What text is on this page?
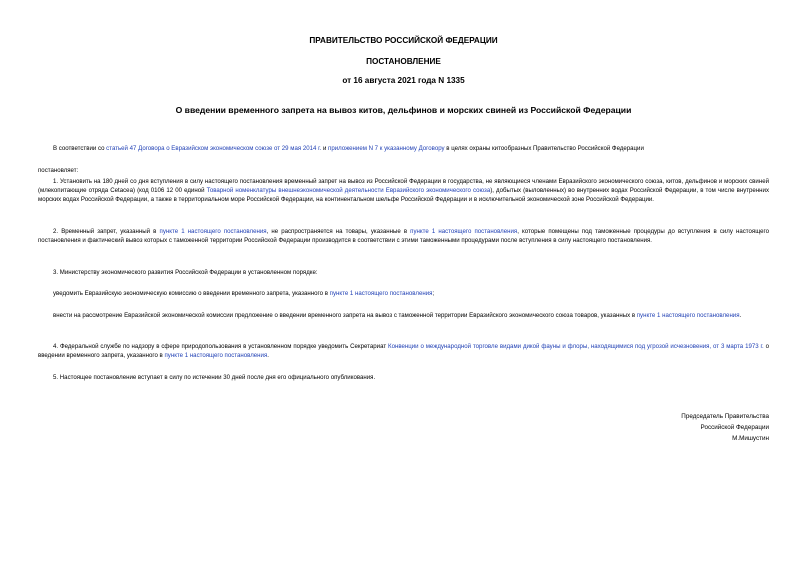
ПРАВИТЕЛЬСТВО РОССИЙСКОЙ ФЕДЕРАЦИИ
ПОСТАНОВЛЕНИЕ
от 16 августа 2021 года N 1335
О введении временного запрета на вывоз китов, дельфинов и морских свиней из Российской Федерации
В соответствии со статьей 47 Договора о Евразийском экономическом союзе от 29 мая 2014 г. и приложением N 7 к указанному Договору в целях охраны китообразных Правительство Российской Федерации
постановляет:
1. Установить на 180 дней со дня вступления в силу настоящего постановления временный запрет на вывоз из Российской Федерации в государства, не являющиеся членами Евразийского экономического союза, китов, дельфинов и морских свиней (млекопитающие отряда Cetacea) (код 0106 12 00 единой Товарной номенклатуры внешнеэкономической деятельности Евразийского экономического союза), добытых (выловленных) во внутренних водах Российской Федерации, в том числе внутренних морских водах Российской Федерации, а также в территориальном море Российской Федерации, на континентальном шельфе Российской Федерации и в исключительной экономической зоне Российской Федерации.
2. Временный запрет, указанный в пункте 1 настоящего постановления, не распространяется на товары, указанные в пункте 1 настоящего постановления, которые помещены под таможенные процедуры до вступления в силу настоящего постановления и фактический вывоз которых с таможенной территории Российской Федерации производится в соответствии с этими таможенными процедурами после вступления в силу настоящего постановления.
3. Министерству экономического развития Российской Федерации в установленном порядке:
уведомить Евразийскую экономическую комиссию о введении временного запрета, указанного в пункте 1 настоящего постановления;
внести на рассмотрение Евразийской экономической комиссии предложение о введении временного запрета на вывоз с таможенной территории Евразийского экономического союза товаров, указанных в пункте 1 настоящего постановления.
4. Федеральной службе по надзору в сфере природопользования в установленном порядке уведомить Секретариат Конвенции о международной торговле видами дикой фауны и флоры, находящимися под угрозой исчезновения, от 3 марта 1973 г. о введении временного запрета, указанного в пункте 1 настоящего постановления.
5. Настоящее постановление вступает в силу по истечении 30 дней после дня его официального опубликования.
Председатель Правительства
Российской Федерации
М.Мишустин
